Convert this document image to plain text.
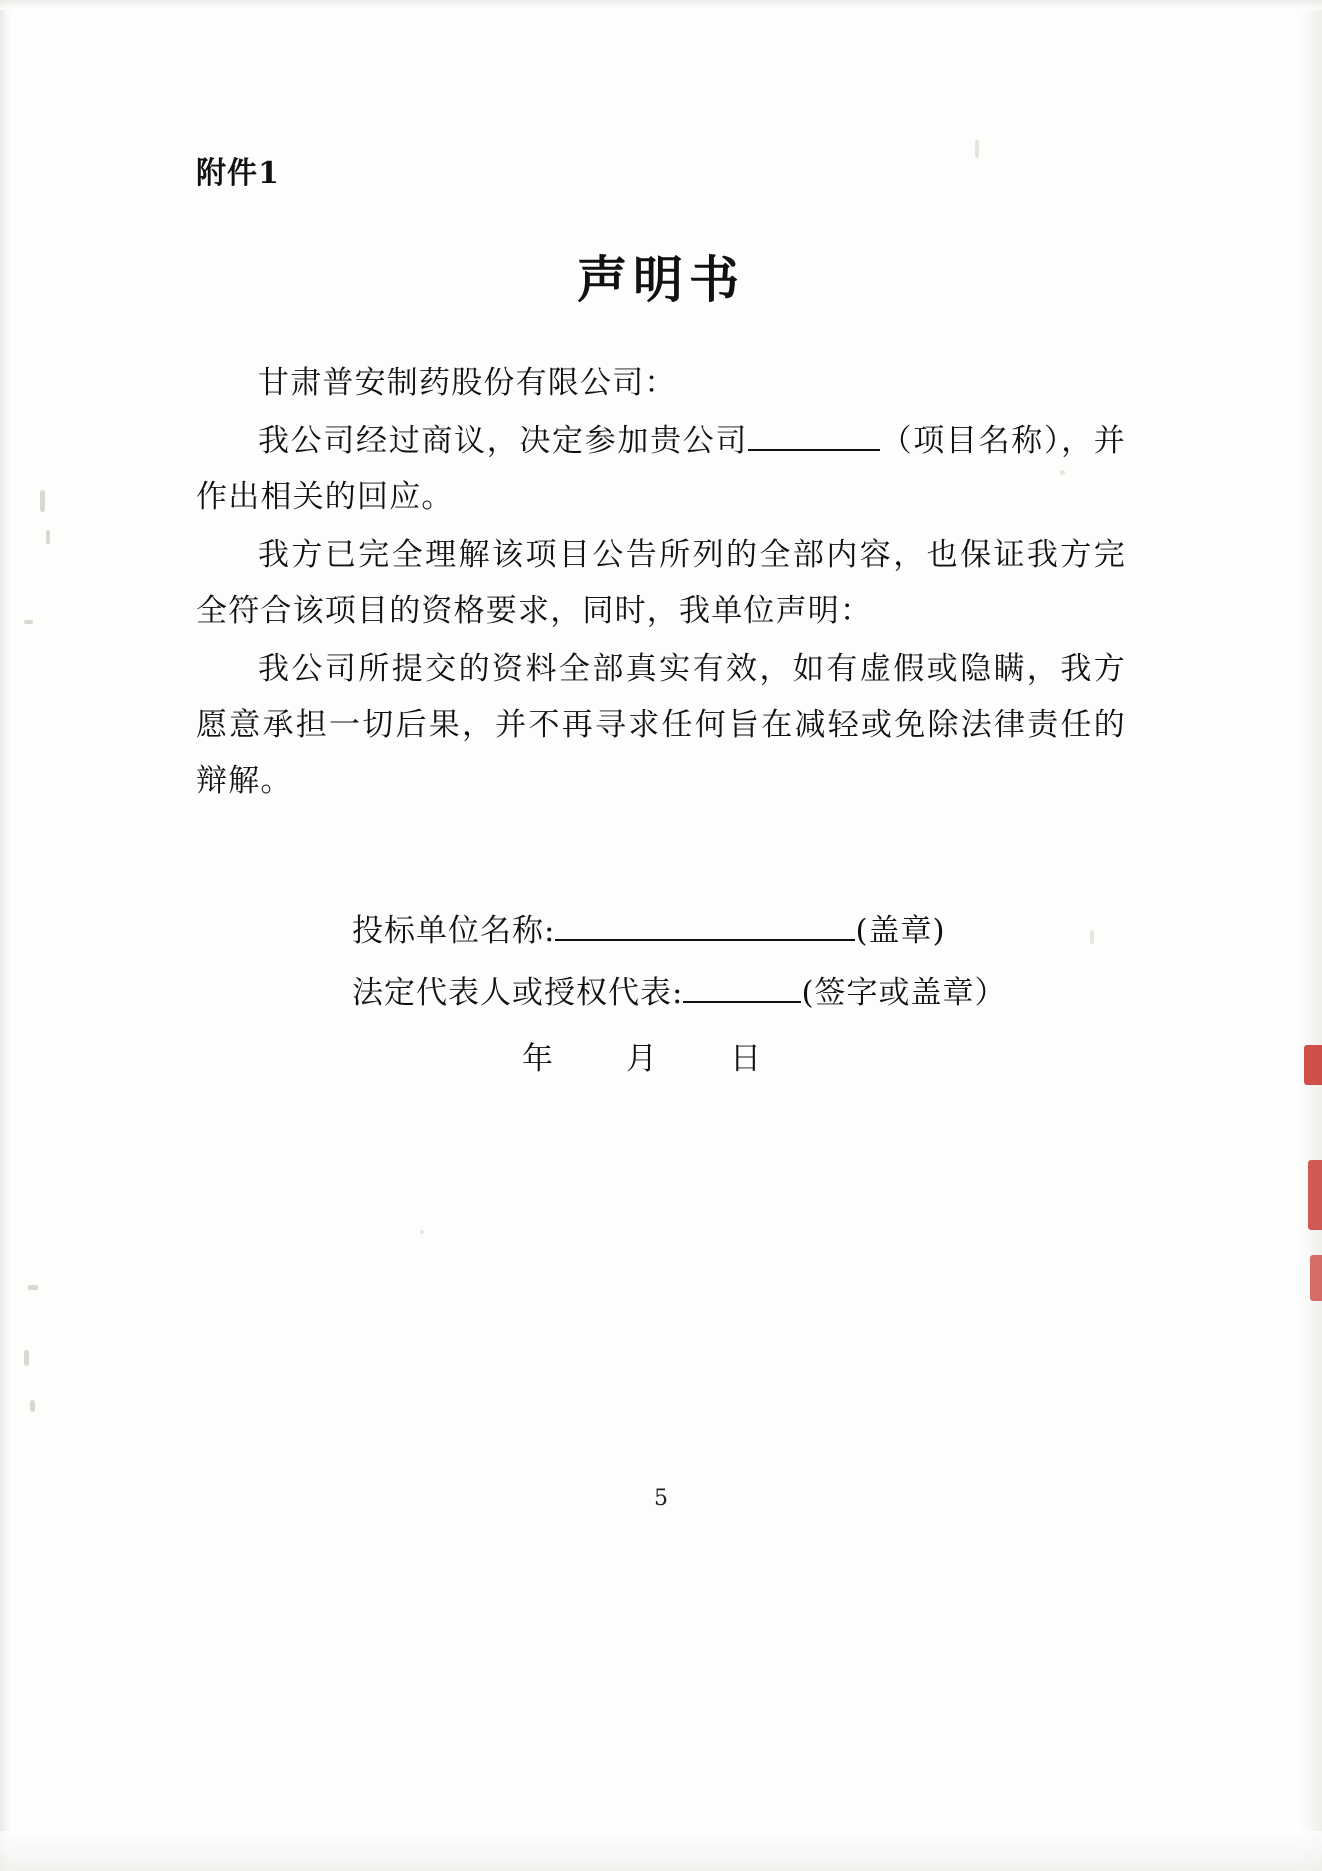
附件1
声明书

甘肃普安制药股份有限公司：

我公司经过商议，决定参加贵公司	（项目名称），并作出相关的回应。

我方已完全理解该项目公告所列的全部内容，也保证我方完全符合该项目的资格要求，同时，我单位声明：

我公司所提交的资料全部真实有效，如有虚假或隐瞒，我方愿意承担一切后果，并不再寻求任何旨在减轻或免除法律责任的辩解。

投标单位名称:	(盖章)
法定代表人或授权代表:	(签字或盖章）
年 月 日
5
